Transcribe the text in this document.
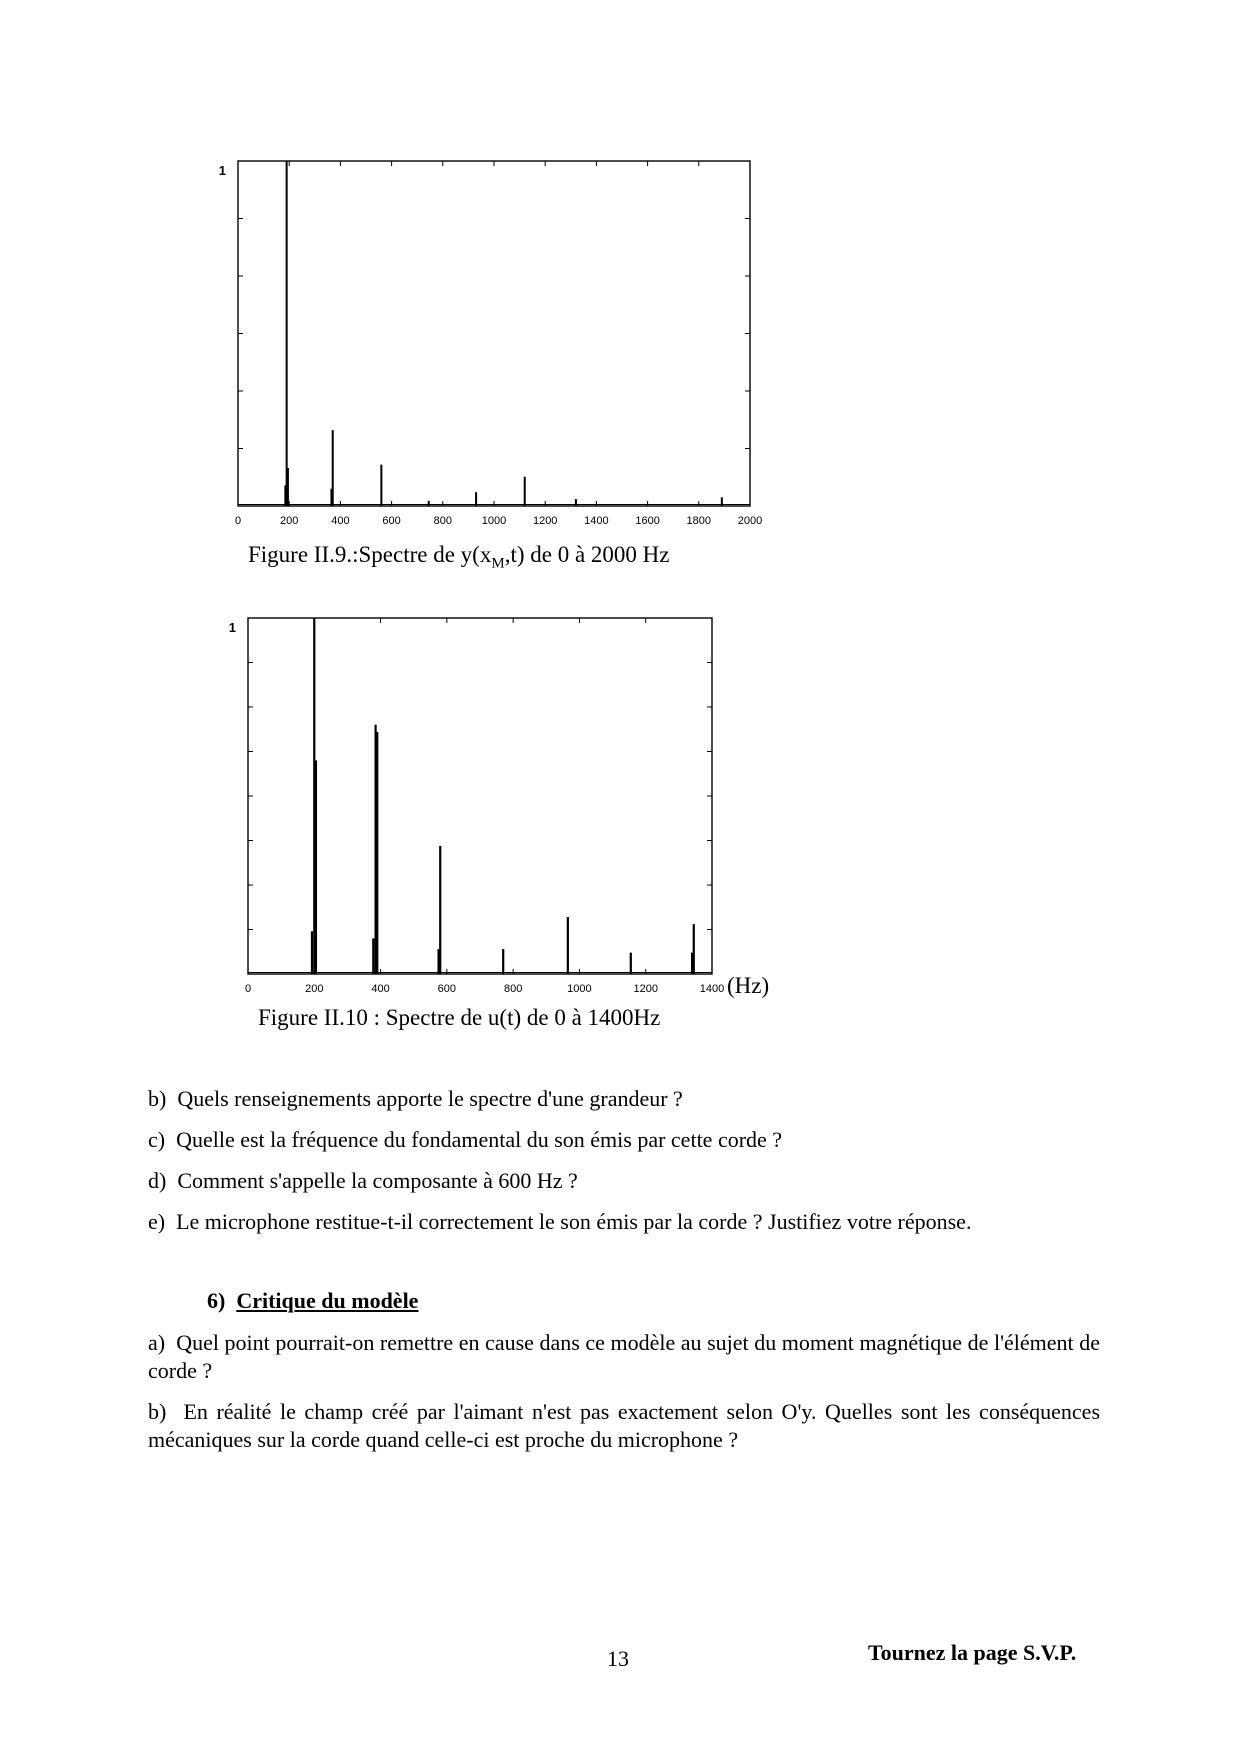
1
0	200	400	600	800	1000 1200 1400 1600 1800 2000
Figure II.9.:Spectre de $y(x_M,t)$ de 0 à 2000 Hz
1
0	200	400	600	800	1000	1200	1400 (Hz)
Figure II.10 : Spectre de u(t) de 0 à 1400Hz
b) Quels renseignements apporte le spectre d'une grandeur ?
c) Quelle est la fréquence du fondamental du son émis par cette corde ?
d) Comment s'appelle la composante à 600 Hz ?
e) Le microphone restitue-t-il correctement le son émis par la corde ? Justifiez votre réponse.
6) Critique du modèle
a) Quel point pourrait-on remettre en cause dans ce modèle au sujet du moment magnétique de l'élément de corde ?
b) En réalité le champ créé par l'aimant n'est pas exactement selon O'y. Quelles sont les conséquences mécaniques sur la corde quand celle-ci est proche du microphone ?
13	Tournez la page S.V.P.
